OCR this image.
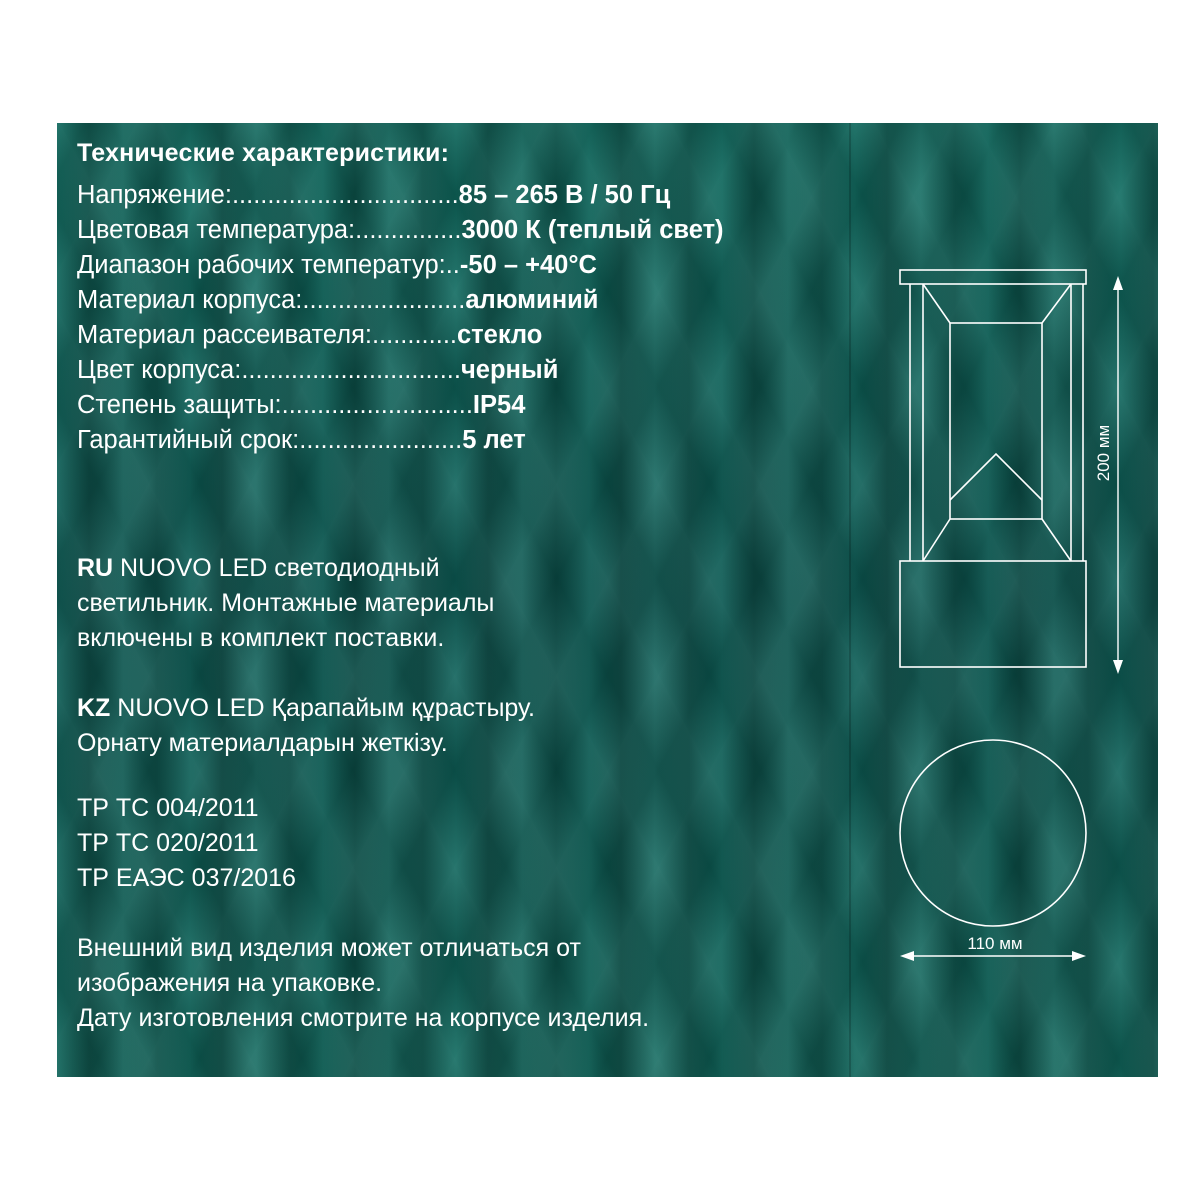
Технические характеристики:
Напряжение: ................................ 85 – 265 В / 50 Гц
Цветовая температура: ............... 3000 К (теплый свет)
Диапазон рабочих температур: .. -50 – +40°С
Материал корпуса: ....................... алюминий
Материал рассеивателя: ............ стекло
Цвет корпуса: ............................... черный
Степень защиты: ........................... IP54
Гарантийный срок: ....................... 5 лет

RU NUOVO LED светодиодный

светильник. Монтажные материалы

включены в комплект поставки.

KZ NUOVO LED Қарапайым құрастыру.

Орнату материалдарын жеткізу.

ТР ТС 004/2011

ТР ТС 020/2011

ТР ЕАЭС 037/2016

Внешний вид изделия может отличаться от

изображения на упаковке.

Дату изготовления смотрите на корпусе изделия.

200 мм
110 мм
